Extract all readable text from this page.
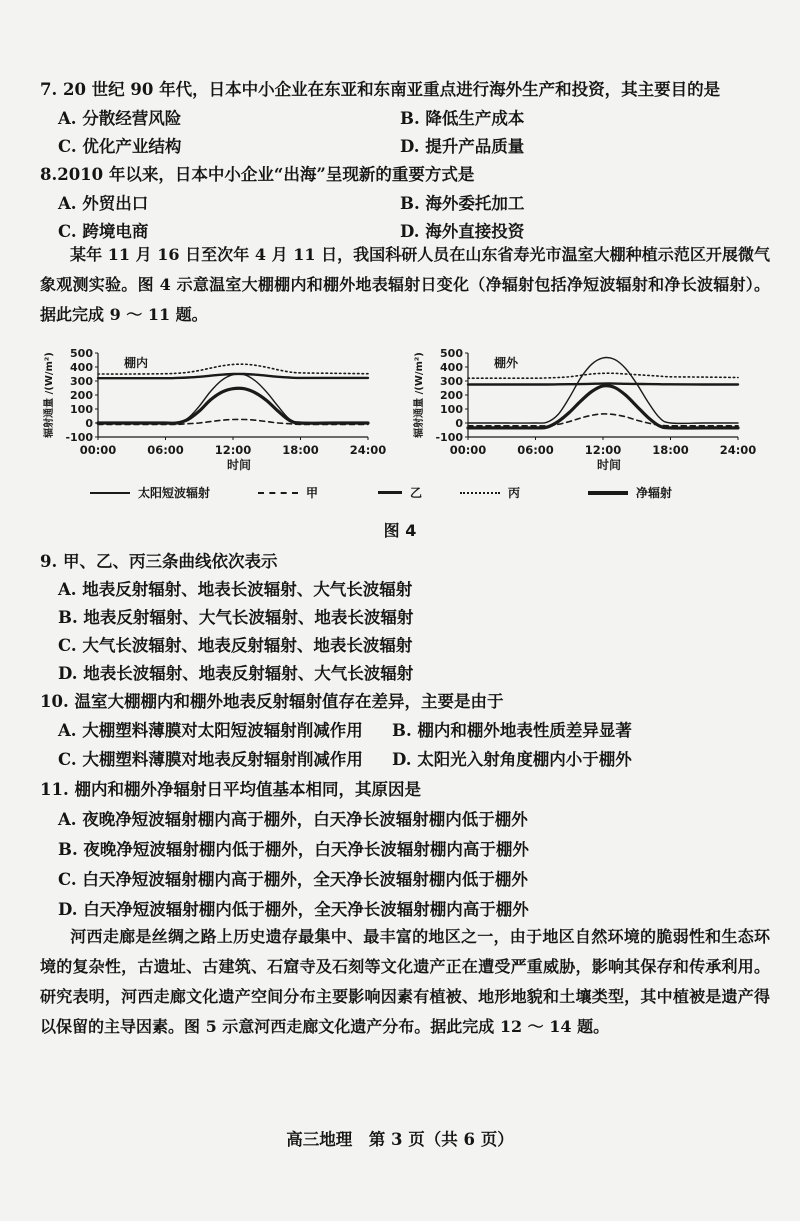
7. 20 世纪 90 年代，日本中小企业在东亚和东南亚重点进行海外生产和投资，其主要目的是
A. 分散经营风险	B. 降低生产成本
C. 优化产业结构	D. 提升产品质量
8.2010 年以来，日本中小企业“出海”呈现新的重要方式是
A. 外贸出口	B. 海外委托加工
C. 跨境电商	D. 海外直接投资
某年 11 月 16 日至次年 4 月 11 日，我国科研人员在山东省寿光市温室大棚种植示范区开展微气象观测实验。图 4 示意温室大棚棚内和棚外地表辐射日变化（净辐射包括净短波辐射和净长波辐射）。据此完成 9 ～ 11 题。
500
400
300
200
100
0
-100
00:00	06:00	12:00	18:00	24:00
时间
辐射通量 /(W/m²)	棚内
500
400
300
200
100
0
-100
00:00	06:00	12:00	18:00	24:00
时间
辐射通量 /(W/m²)	棚外
太阳短波辐射	甲	乙	丙	净辐射
图 4
9. 甲、乙、丙三条曲线依次表示
A. 地表反射辐射、地表长波辐射、大气长波辐射
B. 地表反射辐射、大气长波辐射、地表长波辐射
C. 大气长波辐射、地表反射辐射、地表长波辐射
D. 地表长波辐射、地表反射辐射、大气长波辐射
10. 温室大棚棚内和棚外地表反射辐射值存在差异，主要是由于
A. 大棚塑料薄膜对太阳短波辐射削减作用 B. 棚内和棚外地表性质差异显著
C. 大棚塑料薄膜对地表反射辐射削减作用 D. 太阳光入射角度棚内小于棚外
11. 棚内和棚外净辐射日平均值基本相同，其原因是
A. 夜晚净短波辐射棚内高于棚外，白天净长波辐射棚内低于棚外
B. 夜晚净短波辐射棚内低于棚外，白天净长波辐射棚内高于棚外
C. 白天净短波辐射棚内高于棚外，全天净长波辐射棚内低于棚外
D. 白天净短波辐射棚内低于棚外，全天净长波辐射棚内高于棚外
河西走廊是丝绸之路上历史遗存最集中、最丰富的地区之一，由于地区自然环境的脆弱性和生态环境的复杂性，古遗址、古建筑、石窟寺及石刻等文化遗产正在遭受严重威胁，影响其保存和传承利用。研究表明，河西走廊文化遗产空间分布主要影响因素有植被、地形地貌和土壤类型，其中植被是遗产得以保留的主导因素。图 5 示意河西走廊文化遗产分布。据此完成 12 ～ 14 题。
高三地理　第 3 页（共 6 页）
